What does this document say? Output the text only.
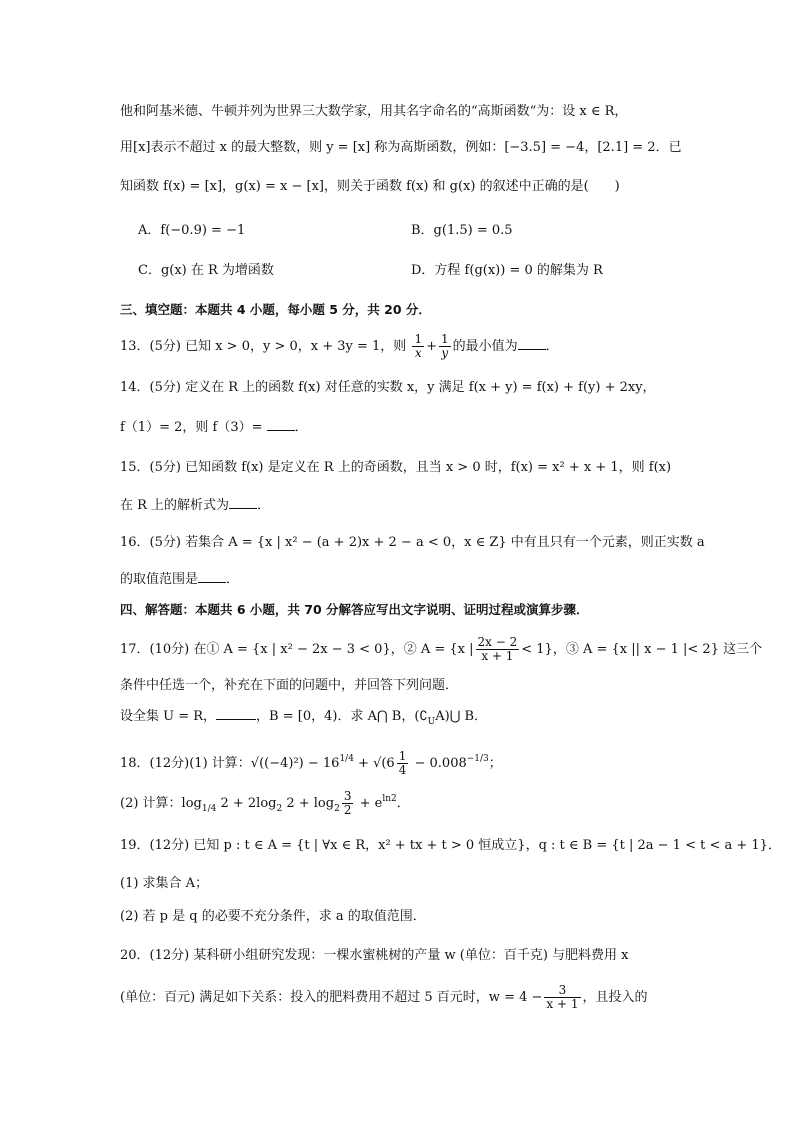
他和阿基米德、牛顿并列为世界三大数学家，用其名字命名的“高斯函数“为：设 x ∈ R，
用[x]表示不超过 x 的最大整数，则 y = [x] 称为高斯函数，例如：[−3.5] = −4，[2.1] = 2．已
知函数 f(x) = [x]，g(x) = x − [x]，则关于函数 f(x) 和 g(x) 的叙述中正确的是(　　)
A．f(−0.9) = −1	B．g(1.5) = 0.5
C．g(x) 在 R 为增函数	D．方程 f(g(x)) = 0 的解集为 R
三、填空题：本题共 4 小题，每小题 5 分，共 20 分．
13．(5分) 已知 x > 0，y > 0，x + 3y = 1，则 $\frac{1}{x} + \frac{1}{y}$ 的最小值为 ．
14．(5分) 定义在 R 上的函数 f(x) 对任意的实数 x，y 满足 f(x + y) = f(x) + f(y) + 2xy，
f（1）= 2，则 f（3）= ．
15．(5分) 已知函数 f(x) 是定义在 R 上的奇函数，且当 x > 0 时，f(x) = x² + x + 1，则 f(x)
在 R 上的解析式为 ．
16．(5分) 若集合 A = {x | x² − (a + 2)x + 2 − a < 0，x ∈ Z} 中有且只有一个元素，则正实数 a
的取值范围是 ．
四、解答题：本题共 6 小题，共 70 分解答应写出文字说明、证明过程或演算步骤．
17．(10分) 在① A = {x | x² − 2x − 3 < 0}，② A = {x | $\frac{2x - 2}{x + 1} < 1$}，③ A = {x || x − 1 |< 2} 这三个
条件中任选一个，补充在下面的问题中，并回答下列问题．
设全集 U = R，	，B = [0，4)．求 A⋂ B，$(∁_UA)⋃$ B．
18．(12分)(1) 计算：$√((-4)^2) - 16^{1/4} + √(6 \frac{1}{4} - 0.008^{-1/3}$；
(2) 计算：$\log_{1/4} 2 + 2\log_2$ $2 + \log_2 \frac{3}{2} + e^{ln2}$．
19．(12分) 已知 p : t ∈ A = {t | ∀x ∈ R，x² + tx + t > 0 恒成立}，q : t ∈ B = {t | 2a − 1 < t < a + 1}．
(1) 求集合 A；
(2) 若 p 是 q 的必要不充分条件，求 a 的取值范围．
20．(12分) 某科研小组研究发现：一棵水蜜桃树的产量 w (单位：百千克) 与肥料费用 x
(单位：百元) 满足如下关系：投入的肥料费用不超过 5 百元时，$w = 4 - \frac{3}{x + 1}$ ，且投入的
